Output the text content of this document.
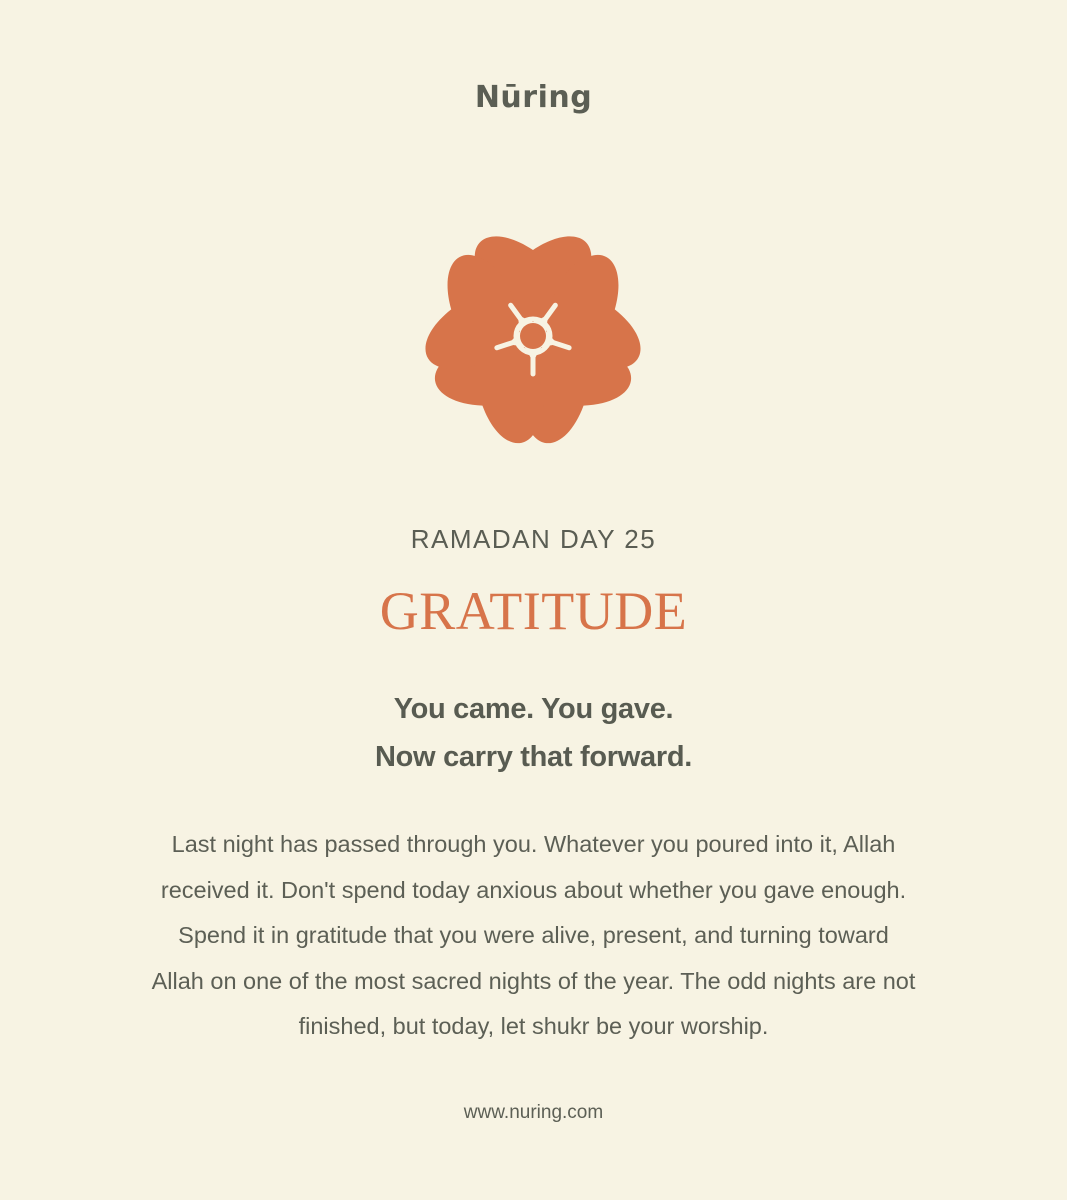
Nūring
RAMADAN DAY 25
GRATITUDE
You came. You gave.
Now carry that forward.
Last night has passed through you. Whatever you poured into it, Allah
received it. Don't spend today anxious about whether you gave enough.
Spend it in gratitude that you were alive, present, and turning toward
Allah on one of the most sacred nights of the year. The odd nights are not
finished, but today, let shukr be your worship.
www.nuring.com
